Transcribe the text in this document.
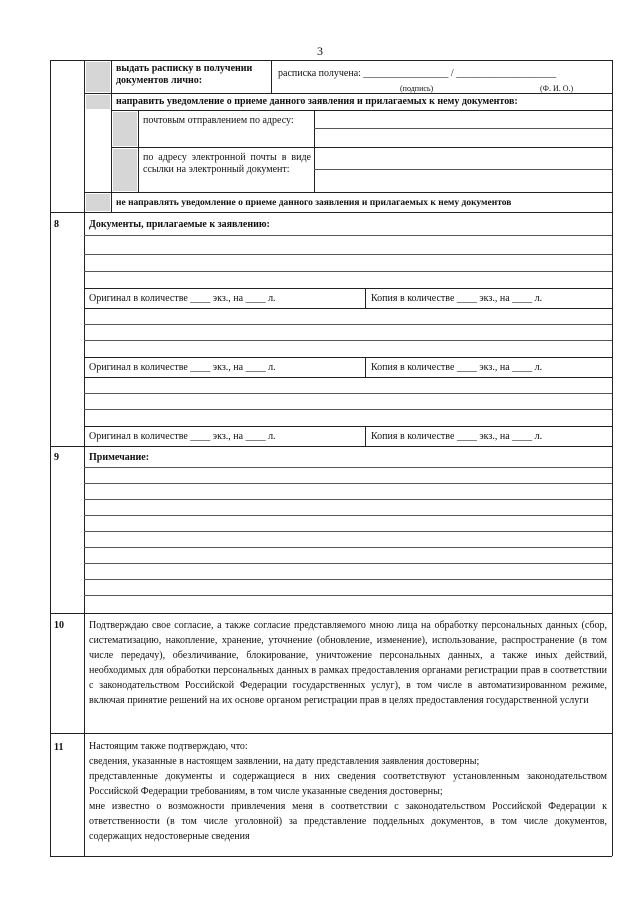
3
выдать расписку в получении документов лично:
расписка получена: _________________ / ____________________
(подпись)	(Ф. И. О.)
направить уведомление о приеме данного заявления и прилагаемых к нему документов:
почтовым отправлением по адресу:
по адресу электронной почты в виде ссылки на электронный документ:
не направлять уведомление о приеме данного заявления и прилагаемых к нему документов
8	Документы, прилагаемые к заявлению:
Оригинал в количестве ____ экз., на ____ л.	Копия в количестве ____ экз., на ____ л.
Оригинал в количестве ____ экз., на ____ л.	Копия в количестве ____ экз., на ____ л.
Оригинал в количестве ____ экз., на ____ л.	Копия в количестве ____ экз., на ____ л.
9	Примечание:
10	Подтверждаю свое согласие, а также согласие представляемого мною лица на обработку персональных данных (сбор, систематизацию, накопление, хранение, уточнение (обновление, изменение), использование, распространение (в том числе передачу), обезличивание, блокирование, уничтожение персональных данных, а также иных действий, необходимых для обработки персональных данных в рамках предоставления органами регистрации прав в соответствии с законодательством Российской Федерации государственных услуг), в том числе в автоматизированном режиме, включая принятие решений на их основе органом регистрации прав в целях предоставления государственной услуги
11	Настоящим также подтверждаю, что:
сведения, указанные в настоящем заявлении, на дату представления заявления достоверны;
представленные документы и содержащиеся в них сведения соответствуют установленным законодательством Российской Федерации требованиям, в том числе указанные сведения достоверны;
мне известно о возможности привлечения меня в соответствии с законодательством Российской Федерации к ответственности (в том числе уголовной) за представление поддельных документов, в том числе документов, содержащих недостоверные сведения
